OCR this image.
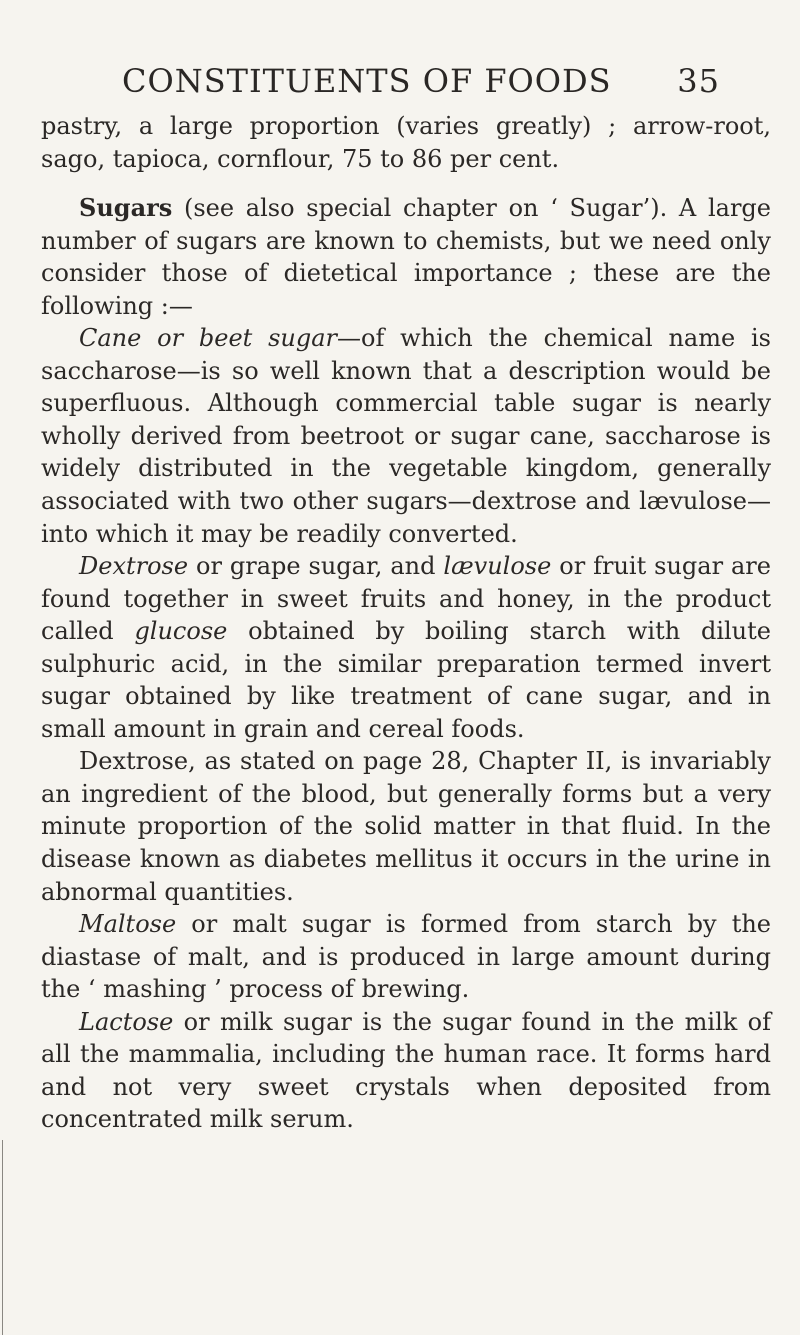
CONSTITUENTS OF FOODS 35

pastry, a large proportion (varies greatly) ; arrow-root, sago, tapioca, cornflour, 75 to 86 per cent.

Sugars (see also special chapter on ‘ Sugar’). A large number of sugars are known to chemists, but we need only consider those of dietetical importance ; these are the following :—

Cane or beet sugar—of which the chemical name is saccharose—is so well known that a description would be superfluous. Although commercial table sugar is nearly wholly derived from beetroot or sugar cane, saccharose is widely distributed in the vegetable kingdom, generally associated with two other sugars—dextrose and lævulose—into which it may be readily converted.

Dextrose or grape sugar, and lævulose or fruit sugar are found together in sweet fruits and honey, in the product called glucose obtained by boiling starch with dilute sulphuric acid, in the similar preparation termed invert sugar obtained by like treatment of cane sugar, and in small amount in grain and cereal foods.

Dextrose, as stated on page 28, Chapter II, is invariably an ingredient of the blood, but generally forms but a very minute proportion of the solid matter in that fluid. In the disease known as diabetes mellitus it occurs in the urine in abnormal quantities.

Maltose or malt sugar is formed from starch by the diastase of malt, and is produced in large amount during the ‘ mashing ’ process of brewing.

Lactose or milk sugar is the sugar found in the milk of all the mammalia, including the human race. It forms hard and not very sweet crystals when deposited from concentrated milk serum.
